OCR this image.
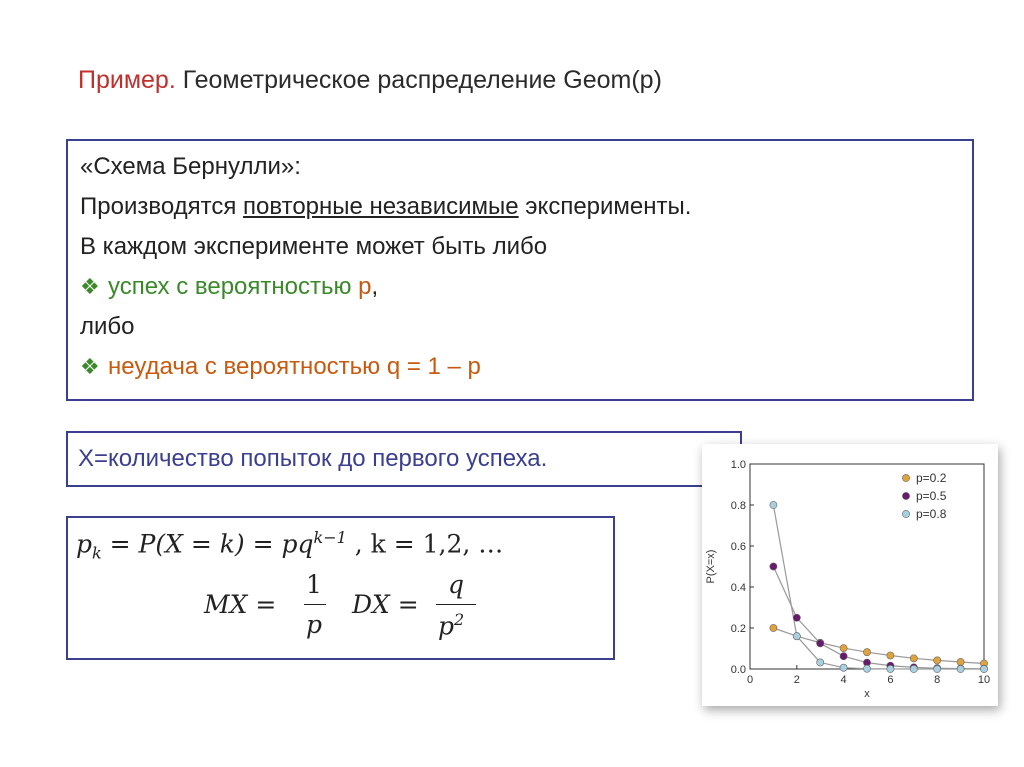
Пример. Геометрическое распределение Geom(p)
«Схема Бернулли»:
Производятся повторные независимые эксперименты.
В каждом эксперименте может быть либо
❖ успех с вероятностью p,
либо
❖ неудача с вероятностью q = 1 – p
X=количество попыток до первого успеха.
$p_k = P(X = k) = pq^{k-1}$ , k = 1,2, …
MX =
1
p
DX =
q
$p^2$
0	2	4	6	8	10
0.0
0.2
0.4
0.6
0.8
1.0
x
P(X=x)
p=0.2
p=0.5
p=0.8
